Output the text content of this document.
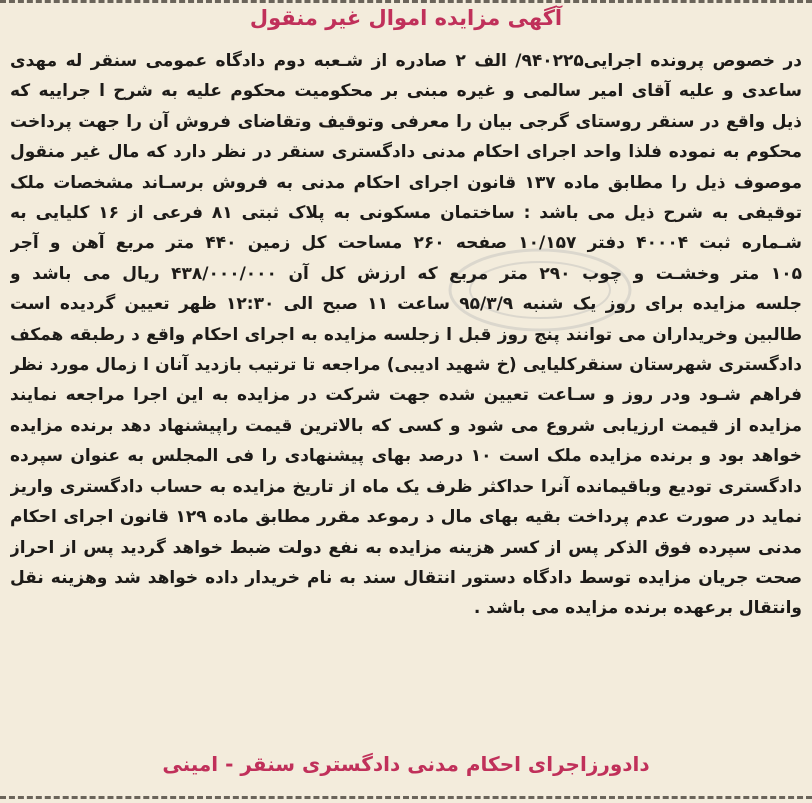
آگهی مزایده اموال غیر منقول
در خصوص پرونده اجرایی۹۴۰۲۲۵/ الف ۲ صادره از شـعبه دوم دادگاه عمومی سنقر له مهدی
ساعدی و علیه آقای امیر سالمی و غیره مبنی بر محکومیت محکوم علیه به شرح ا جراییه که
ذیل واقع در سنقر روستای گرجی بیان را معرفی وتوقیف وتقاضای فروش آن را جهت پرداخت
محکوم به نموده فلذا واحد اجرای احکام مدنی دادگستری سنقر در نظر دارد که مال غیر منقول
موصوف ذیل را مطابق ماده ۱۳۷ قانون اجرای احکام مدنی به فروش برسـاند مشخصات ملک
توقیفی به شرح ذیل می باشد : ساختمان مسکونی به پلاک ثبتی ۸۱ فرعی از ۱۶ کلیایی به
شـماره ثبت ۴۰۰۰۴ دفتر ۱۰/۱۵۷ صفحه ۲۶۰ مساحت کل زمین ۴۴۰ متر مربع آهن و آجر
۱۰۵ متر وخشـت و چوب ۲۹۰ متر مربع که ارزش کل آن ۴۳۸/۰۰۰/۰۰۰ ریال می باشد و
جلسه مزایده برای روز یک شنبه ۹۵/۳/۹ ساعت ۱۱ صبح الی ۱۲:۳۰ ظهر تعیین گردیده است
طالبین وخریداران می توانند پنج روز قبل ا زجلسه مزایده به اجرای احکام واقع د رطبقه همکف
دادگستری شهرستان سنقرکلیایی (خ شهید ادیبی) مراجعه تا ترتیب بازدید آنان ا زمال مورد نظر
فراهم شـود ودر روز و سـاعت تعیین شده جهت شرکت در مزایده به این اجرا مراجعه نمایند
مزایده از قیمت ارزیابی شروع می شود و کسی که بالاترین قیمت راپیشنهاد دهد برنده مزایده
خواهد بود و برنده مزایده ملک است ۱۰ درصد بهای پیشنهادی را فی المجلس به عنوان سپرده
دادگستری تودیع وباقیمانده آنرا حداکثر ظرف یک ماه از تاریخ مزایده به حساب دادگستری واریز
نماید در صورت عدم پرداخت بقیه بهای مال د رموعد مقرر مطابق ماده ۱۲۹ قانون اجرای احکام
مدنی سپرده فوق الذکر پس از کسر هزینه مزایده به نفع دولت ضبط خواهد گردید پس از احراز
صحت جریان مزایده توسط دادگاه دستور انتقال سند به نام خریدار داده خواهد شد وهزینه نقل
وانتقال برعهده برنده مزایده می باشد .
دادورزاجرای احکام مدنی دادگستری سنقر - امینی
